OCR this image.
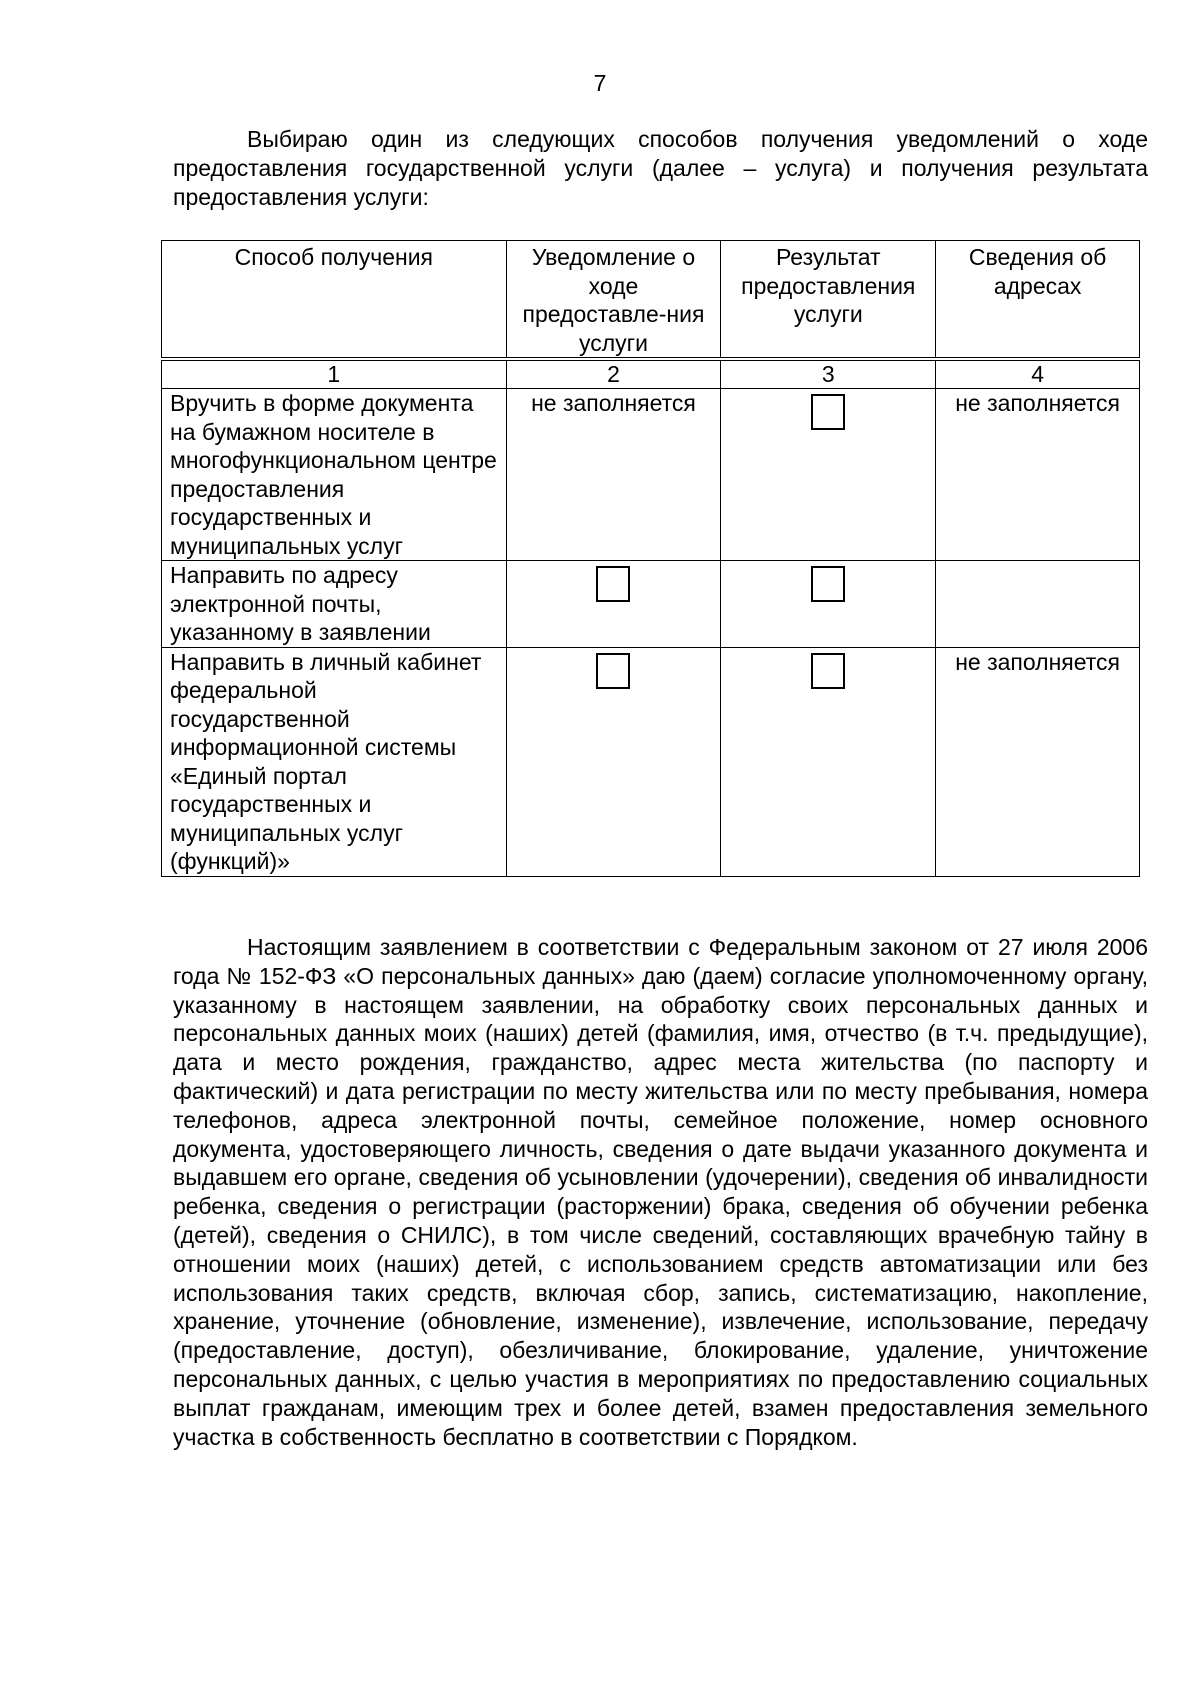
7

Выбираю один из следующих способов получения уведомлений о ходе предоставления государственной услуги (далее – услуга) и получения результата предоставления услуги:

Способ получения	Уведомление о ходе предоставле-ния услуги	Результат предоставления услуги	Сведения об адресах
1	2	3	4
Вручить в форме документа на бумажном носителе в многофункциональном центре предоставления государственных и муниципальных услуг	не заполняется		не заполняется
Направить по адресу электронной почты, указанному в заявлении			
Направить в личный кабинет федеральной государственной информационной системы «Единый портал государственных и муниципальных услуг (функций)»			не заполняется

Настоящим заявлением в соответствии с Федеральным законом от 27 июля 2006 года № 152-ФЗ «О персональных данных» даю (даем) согласие уполномоченному органу, указанному в настоящем заявлении, на обработку своих персональных данных и персональных данных моих (наших) детей (фамилия, имя, отчество (в т.ч. предыдущие), дата и место рождения, гражданство, адрес места жительства (по паспорту и фактический) и дата регистрации по месту жительства или по месту пребывания, номера телефонов, адреса электронной почты, семейное положение, номер основного документа, удостоверяющего личность, сведения о дате выдачи указанного документа и выдавшем его органе, сведения об усыновлении (удочерении), сведения об инвалидности ребенка, сведения о регистрации (расторжении) брака, сведения об обучении ребенка (детей), сведения о СНИЛС), в том числе сведений, составляющих врачебную тайну в отношении моих (наших) детей, с использованием средств автоматизации или без использования таких средств, включая сбор, запись, систематизацию, накопление, хранение, уточнение (обновление, изменение), извлечение, использование, передачу (предоставление, доступ), обезличивание, блокирование, удаление, уничтожение персональных данных, с целью участия в мероприятиях по предоставлению социальных выплат гражданам, имеющим трех и более детей, взамен предоставления земельного участка в собственность бесплатно в соответствии с Порядком.
